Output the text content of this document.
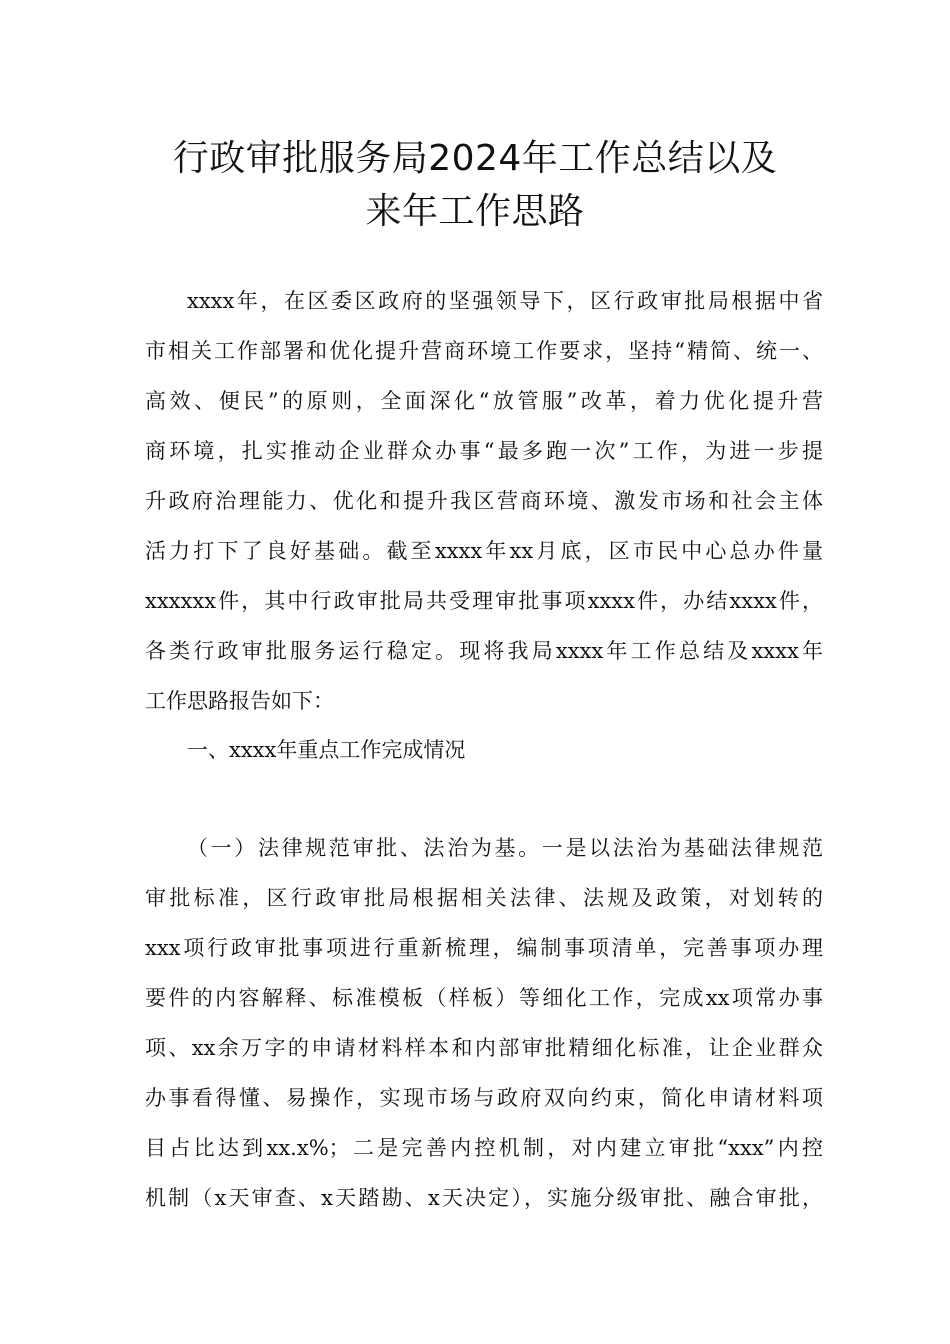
行政审批服务局2024年工作总结以及
来年工作思路
xxxx年，在区委区政府的坚强领导下，区行政审批局根据中省
市相关工作部署和优化提升营商环境工作要求，坚持“精简、统一、
高效、便民”的原则，全面深化“放管服”改革，着力优化提升营
商环境，扎实推动企业群众办事“最多跑一次”工作，为进一步提
升政府治理能力、优化和提升我区营商环境、激发市场和社会主体
活力打下了良好基础。截至xxxx年xx月底，区市民中心总办件量
xxxxxx件，其中行政审批局共受理审批事项xxxx件，办结xxxx件，
各类行政审批服务运行稳定。现将我局xxxx年工作总结及xxxx年
工作思路报告如下：
一、xxxx年重点工作完成情况
（一）法律规范审批、法治为基。一是以法治为基础法律规范
审批标准，区行政审批局根据相关法律、法规及政策，对划转的
xxx项行政审批事项进行重新梳理，编制事项清单，完善事项办理
要件的内容解释、标准模板（样板）等细化工作，完成xx项常办事
项、xx余万字的申请材料样本和内部审批精细化标准，让企业群众
办事看得懂、易操作，实现市场与政府双向约束，简化申请材料项
目占比达到xx.x%；二是完善内控机制，对内建立审批“xxx”内控
机制（x天审查、x天踏勘、x天决定），实施分级审批、融合审批，
